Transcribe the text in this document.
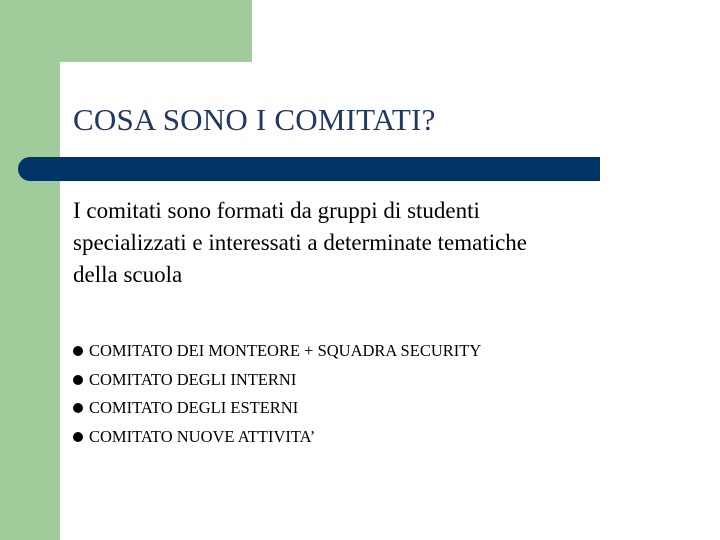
COSA SONO I COMITATI?
I comitati sono formati da gruppi di studenti
specializzati e interessati a determinate tematiche
della scuola
COMITATO DEI MONTEORE + SQUADRA SECURITY
COMITATO DEGLI INTERNI
COMITATO DEGLI ESTERNI
COMITATO NUOVE ATTIVITA’
